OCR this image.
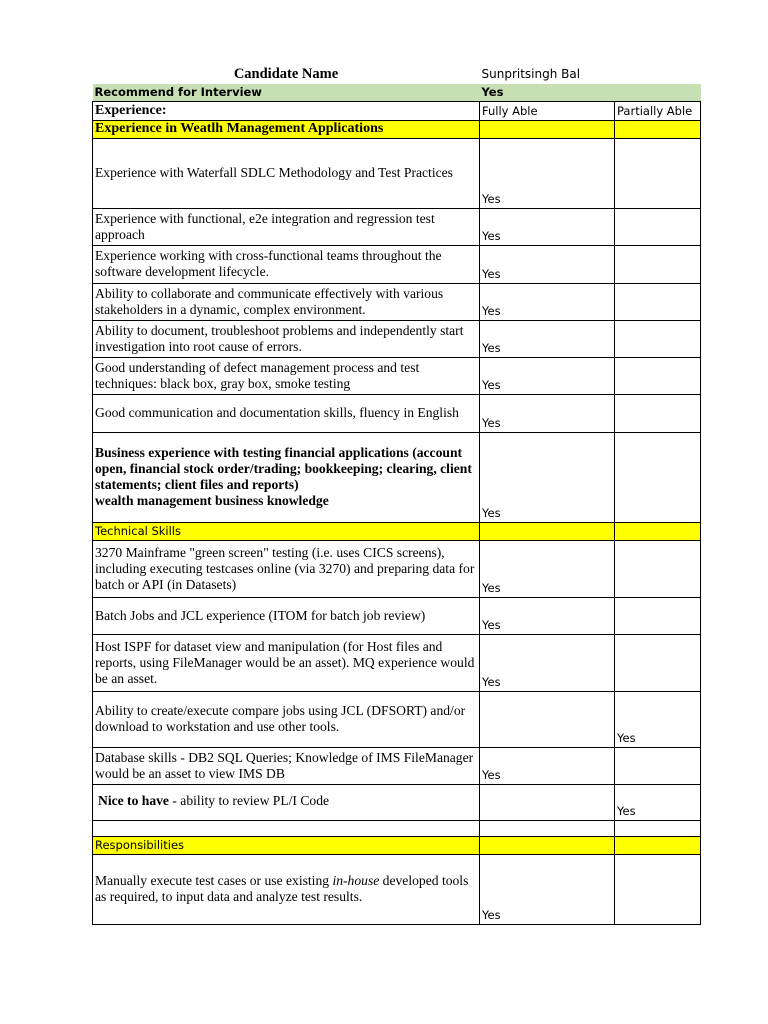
Candidate Name	Sunpritsingh Bal	
Recommend for Interview	Yes	
Experience:	Fully Able	Partially Able
Experience in Weatlh Management Applications		
Experience with Waterfall SDLC Methodology and Test Practices	Yes	
Experience with functional, e2e integration and regression test approach	Yes	
Experience working with cross-functional teams throughout the software development lifecycle.	Yes	
Ability to collaborate and communicate effectively with various stakeholders in a dynamic, complex environment.	Yes	
Ability to document, troubleshoot problems and independently start investigation into root cause of errors.	Yes	
Good understanding of defect management process and test techniques: black box, gray box, smoke testing	Yes	
Good communication and documentation skills, fluency in English	Yes	

Business experience with testing financial applications (account open, financial stock order/trading; bookkeeping; clearing, client statements; client files and reports)
wealth management business knowledge	Yes	
Technical Skills		
3270 Mainframe "green screen" testing (i.e. uses CICS screens), including executing testcases online (via 3270) and preparing data for batch or API (in Datasets)	Yes	
Batch Jobs and JCL experience (ITOM for batch job review)	Yes	
Host ISPF for dataset view and manipulation (for Host files and reports, using FileManager would be an asset). MQ experience would be an asset.	Yes	
Ability to create/execute compare jobs using JCL (DFSORT) and/or download to workstation and use other tools.		Yes
Database skills - DB2 SQL Queries; Knowledge of IMS FileManager would be an asset to view IMS DB	Yes	
Nice to have - ability to review PL/I Code		Yes

Responsibilities		
Manually execute test cases or use existing in-house developed tools as required, to input data and analyze test results.	Yes	
